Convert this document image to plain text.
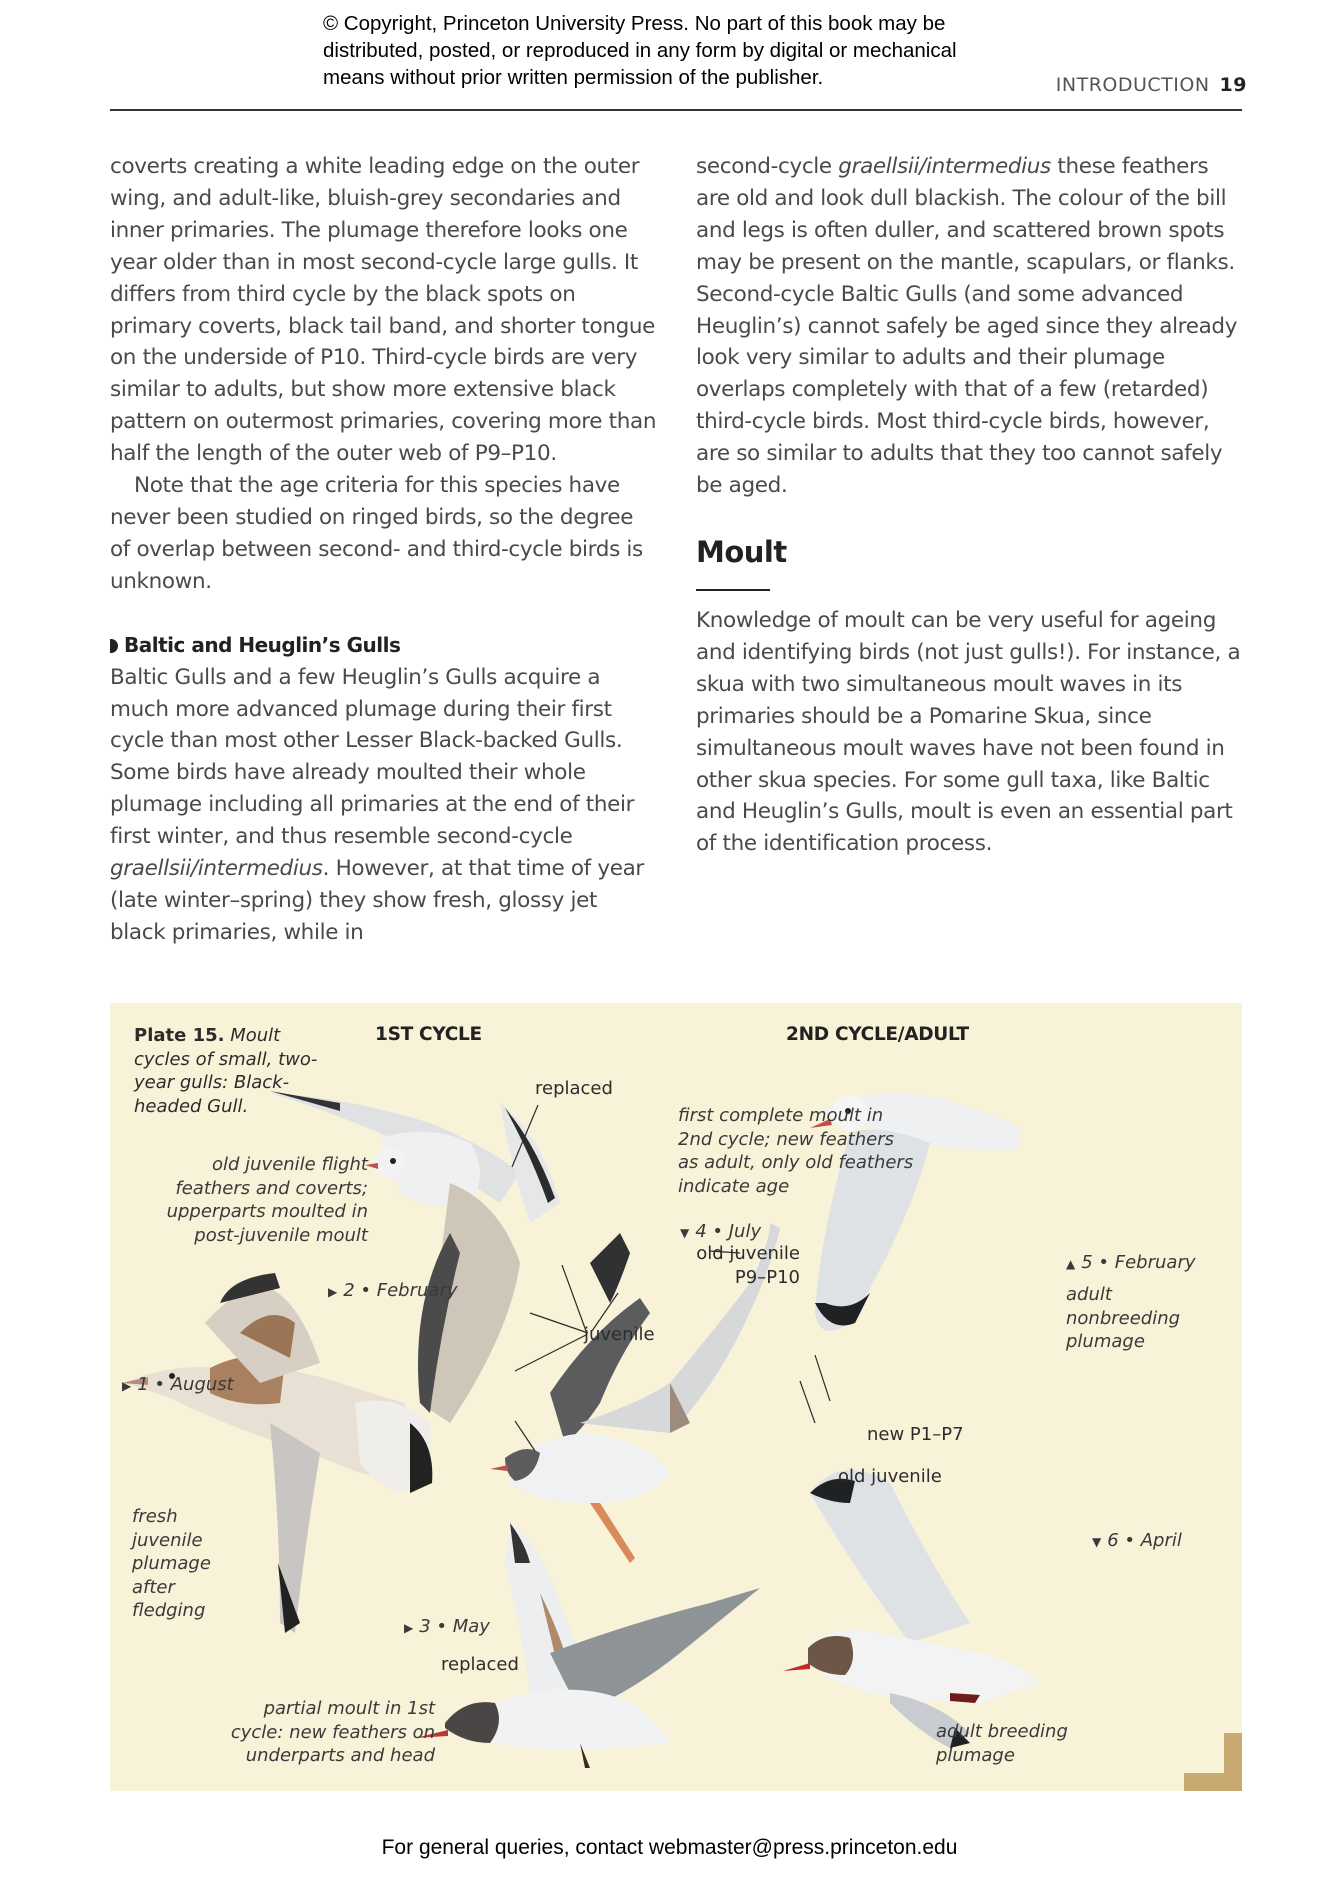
© Copyright, Princeton University Press. No part of this book may be
distributed, posted, or reproduced in any form by digital or mechanical
means without prior written permission of the publisher.	INTRODUCTION 19

coverts creating a white leading edge on the outer wing, and adult-like, bluish-grey secondaries and inner primaries. The plumage therefore looks one year older than in most second-cycle large gulls. It differs from third cycle by the black spots on primary coverts, black tail band, and shorter tongue on the underside of P10. Third-cycle birds are very similar to adults, but show more extensive black pattern on outermost primaries, covering more than half the length of the outer web of P9–P10.

Note that the age criteria for this species have never been studied on ringed birds, so the degree of overlap between second- and third-cycle birds is unknown.

Baltic and Heuglin’s Gulls

Baltic Gulls and a few Heuglin’s Gulls acquire a much more advanced plumage during their first cycle than most other Lesser Black-backed Gulls. Some birds have already moulted their whole plumage including all primaries at the end of their first winter, and thus resemble second-cycle graellsii/intermedius. However, at that time of year (late winter–spring) they show fresh, glossy jet black primaries, while in

second-cycle graellsii/intermedius these feathers are old and look dull blackish. The colour of the bill and legs is often duller, and scattered brown spots may be present on the mantle, scapulars, or flanks. Second-cycle Baltic Gulls (and some advanced Heuglin’s) cannot safely be aged since they already look very similar to adults and their plumage overlaps completely with that of a few (retarded) third-cycle birds. Most third-cycle birds, however, are so similar to adults that they too cannot safely be aged.

Moult

Knowledge of moult can be very useful for ageing and identifying birds (not just gulls!). For instance, a skua with two simultaneous moult waves in its primaries should be a Pomarine Skua, since simultaneous moult waves have not been found in other skua species. For some gull taxa, like Baltic and Heuglin’s Gulls, moult is even an essential part of the identification process.

Plate 15. Moult cycles of small, two-year gulls: Black-headed Gull.
1ST CYCLE	2ND CYCLE/ADULT
old juvenile flight feathers and coverts; upperparts moulted in post-juvenile moult
▶ 2 • February
replaced
juvenile
▶ 1 • August
fresh juvenile plumage after fledging
▶ 3 • May
replaced
partial moult in 1st cycle: new feathers on underparts and head
first complete moult in 2nd cycle; new feathers as adult, only old feathers indicate age
▼ 4 • July
old juvenile
P9–P10
new P1–P7
old juvenile
▲ 5 • February
adult nonbreeding plumage
▼ 6 • April
adult breeding plumage
For general queries, contact webmaster@press.princeton.edu
